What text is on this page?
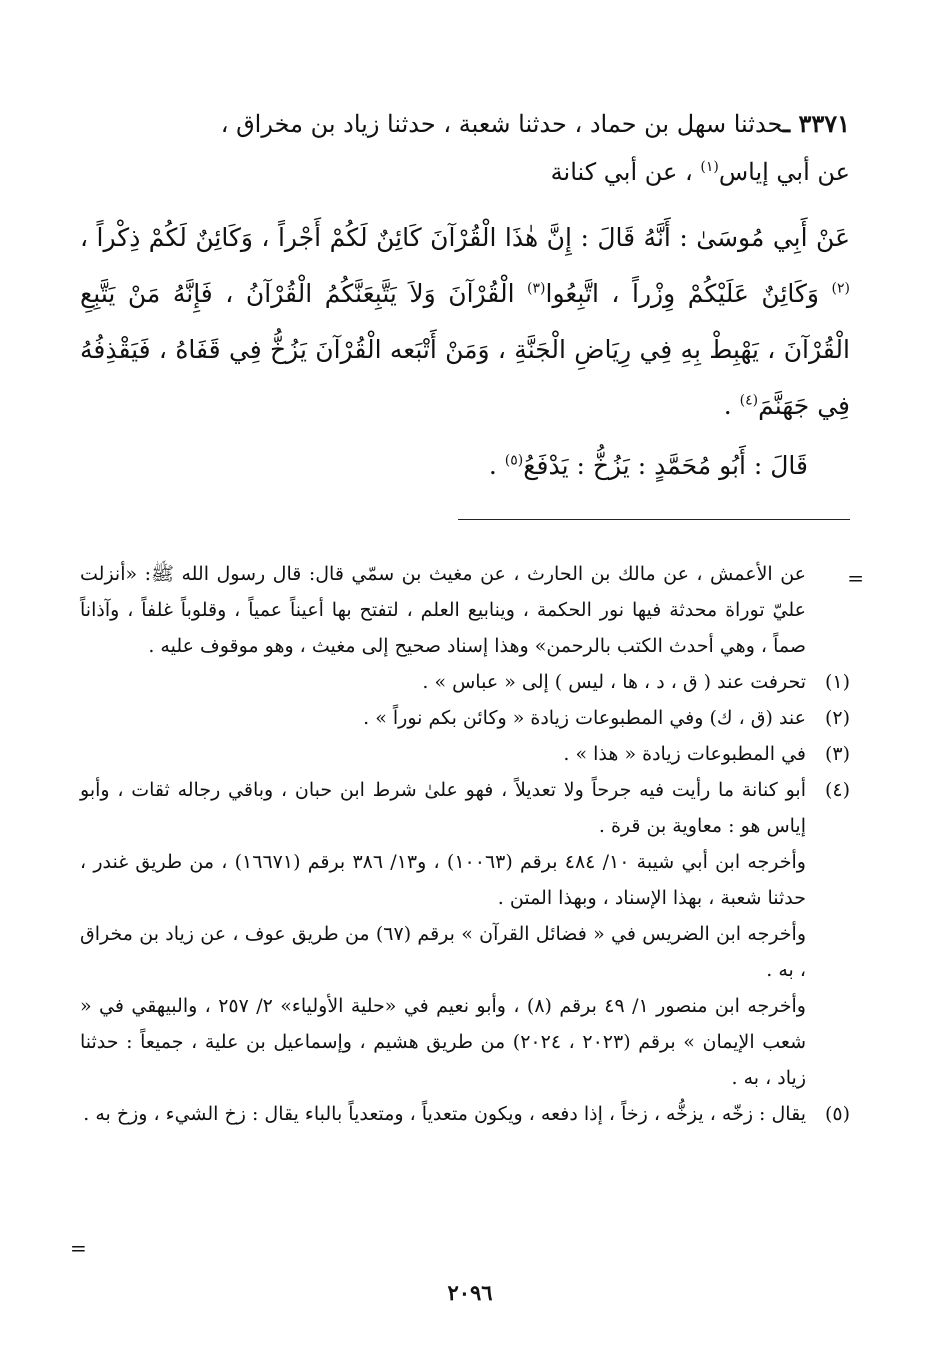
٣٣٧١ ـحدثنا سهل بن حماد ، حدثنا شعبة ، حدثنا زياد بن مخراق ،
عن أبي إياس$^{(١)}$ ، عن أبي كنانة
عَنْ أَبِي مُوسَىٰ : أَنَّهُ قَالَ : إِنَّ هٰذَا الْقُرْآنَ كَائِنٌ لَكُمْ أَجْراً ، وَكَائِنٌ لَكُمْ ذِكْراً ،$^{(٢)}$ وَكَائِنٌ عَلَيْكُمْ وِزْراً ، اتَّبِعُوا$^{(٣)}$ الْقُرْآنَ وَلاَ يَتَّبِعَنَّكُمُ الْقُرْآنُ ، فَإِنَّهُ مَنْ يَتَّبِعِ الْقُرْآنَ ، يَهْبِطْ بِهِ فِي رِيَاضِ الْجَنَّةِ ، وَمَنْ أَتْبَعه الْقُرْآنَ يَزُخُّ فِي قَفَاهُ ، فَيَقْذِفُهُ فِي جَهَنَّمَ$^{(٤)}$ .
قَالَ : أَبُو مُحَمَّدٍ : يَزُخُّ : يَدْفَعُ$^{(٥)}$ .
=
عن الأعمش ، عن مالك بن الحارث ، عن مغيث بن سمّي قال: قال رسول الله ﷺ: «أنزلت عليّ توراة محدثة فيها نور الحكمة ، وينابيع العلم ، لتفتح بها أعيناً عمياً ، وقلوباً غلفاً ، وآذاناً صماً ، وهي أحدث الكتب بالرحمن» وهذا إسناد صحيح إلى مغيث ، وهو موقوف عليه .
(١)
تحرفت عند ( ق ، د ، ها ، ليس ) إلى « عباس » .
(٢)
عند (ق ، ك) وفي المطبوعات زيادة « وكائن بكم نوراً » .
(٣)
في المطبوعات زيادة « هذا » .
(٤)
أبو كنانة ما رأيت فيه جرحاً ولا تعديلاً ، فهو علىٰ شرط ابن حبان ، وباقي رجاله ثقات ، وأبو إياس هو : معاوية بن قرة .
وأخرجه ابن أبي شيبة ١٠/ ٤٨٤ برقم (١٠٠٦٣) ، و١٣/ ٣٨٦ برقم (١٦٦٧١) ، من طريق غندر ، حدثنا شعبة ، بهذا الإسناد ، وبهذا المتن .
وأخرجه ابن الضريس في « فضائل القرآن » برقم (٦٧) من طريق عوف ، عن زياد بن مخراق ، به .
وأخرجه ابن منصور ١/ ٤٩ برقم (٨) ، وأبو نعيم في «حلية الأولياء» ٢/ ٢٥٧ ، والبيهقي في « شعب الإيمان » برقم (٢٠٢٣ ، ٢٠٢٤) من طريق هشيم ، وإسماعيل بن علية ، جميعاً : حدثنا زياد ، به .
(٥)
يقال : زخّه ، يزخُّه ، زخاً ، إذا دفعه ، ويكون متعدياً ، ومتعدياً بالباء يقال : زخ الشيء ، وزخ به .
=
٢٠٩٦
